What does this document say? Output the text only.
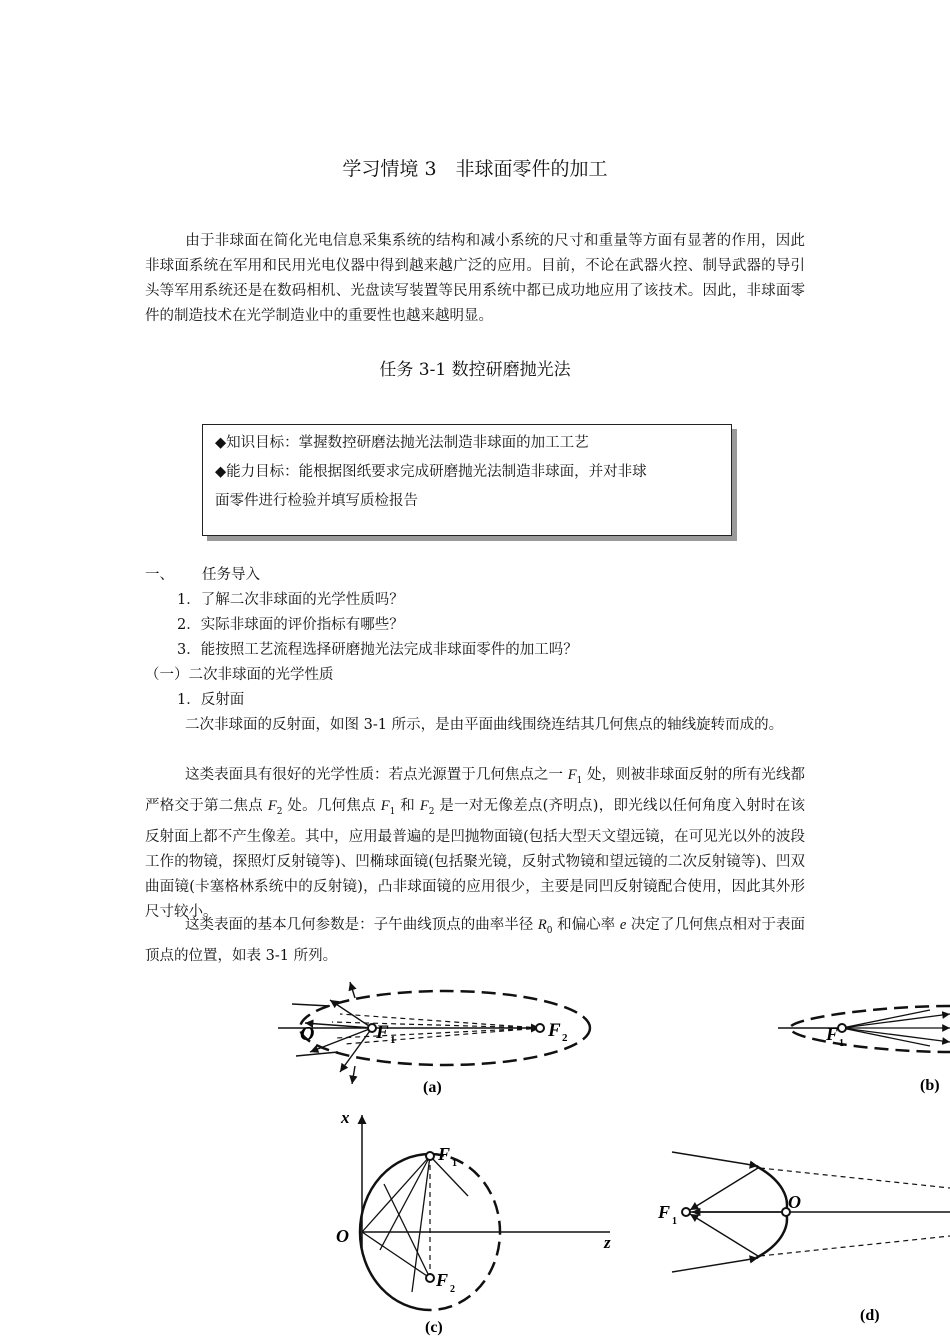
学习情境 3　非球面零件的加工
由于非球面在简化光电信息采集系统的结构和减小系统的尺寸和重量等方面有显著的作用，因此非球面系统在军用和民用光电仪器中得到越来越广泛的应用。目前，不论在武器火控、制导武器的导引头等军用系统还是在数码相机、光盘读写装置等民用系统中都已成功地应用了该技术。因此，非球面零件的制造技术在光学制造业中的重要性也越来越明显。
任务 3-1 数控研磨抛光法
◆知识目标：掌握数控研磨法抛光法制造非球面的加工工艺
◆能力目标：能根据图纸要求完成研磨抛光法制造非球面，并对非球
面零件进行检验并填写质检报告
一、 任务导入
1．了解二次非球面的光学性质吗？
2．实际非球面的评价指标有哪些？
3．能按照工艺流程选择研磨抛光法完成非球面零件的加工吗？
（一）二次非球面的光学性质
1．反射面
二次非球面的反射面，如图 3-1 所示，是由平面曲线围绕连结其几何焦点的轴线旋转而成的。
这类表面具有很好的光学性质：若点光源置于几何焦点之一 $F_1$ 处，则被非球面反射的所有光线都严格交于第二焦点 $F_2$ 处。几何焦点 $F_1$ 和 $F_2$ 是一对无像差点(齐明点)，即光线以任何角度入射时在该反射面上都不产生像差。其中，应用最普遍的是凹抛物面镜(包括大型天文望远镜，在可见光以外的波段工作的物镜，探照灯反射镜等)、凹椭球面镜(包括聚光镜，反射式物镜和望远镜的二次反射镜等)、凹双曲面镜(卡塞格林系统中的反射镜)，凸非球面镜的应用很少，主要是同凹反射镜配合使用，因此其外形尺寸较小。
这类表面的基本几何参数是：子午曲线顶点的曲率半径 $R_0$ 和偏心率 e 决定了几何焦点相对于表面顶点的位置，如表 3-1 所列。
O	F 1	F 2
(a)
F 1
(b)
x
z
O
F 1
F 2
(c)
F 1
O
(d)
